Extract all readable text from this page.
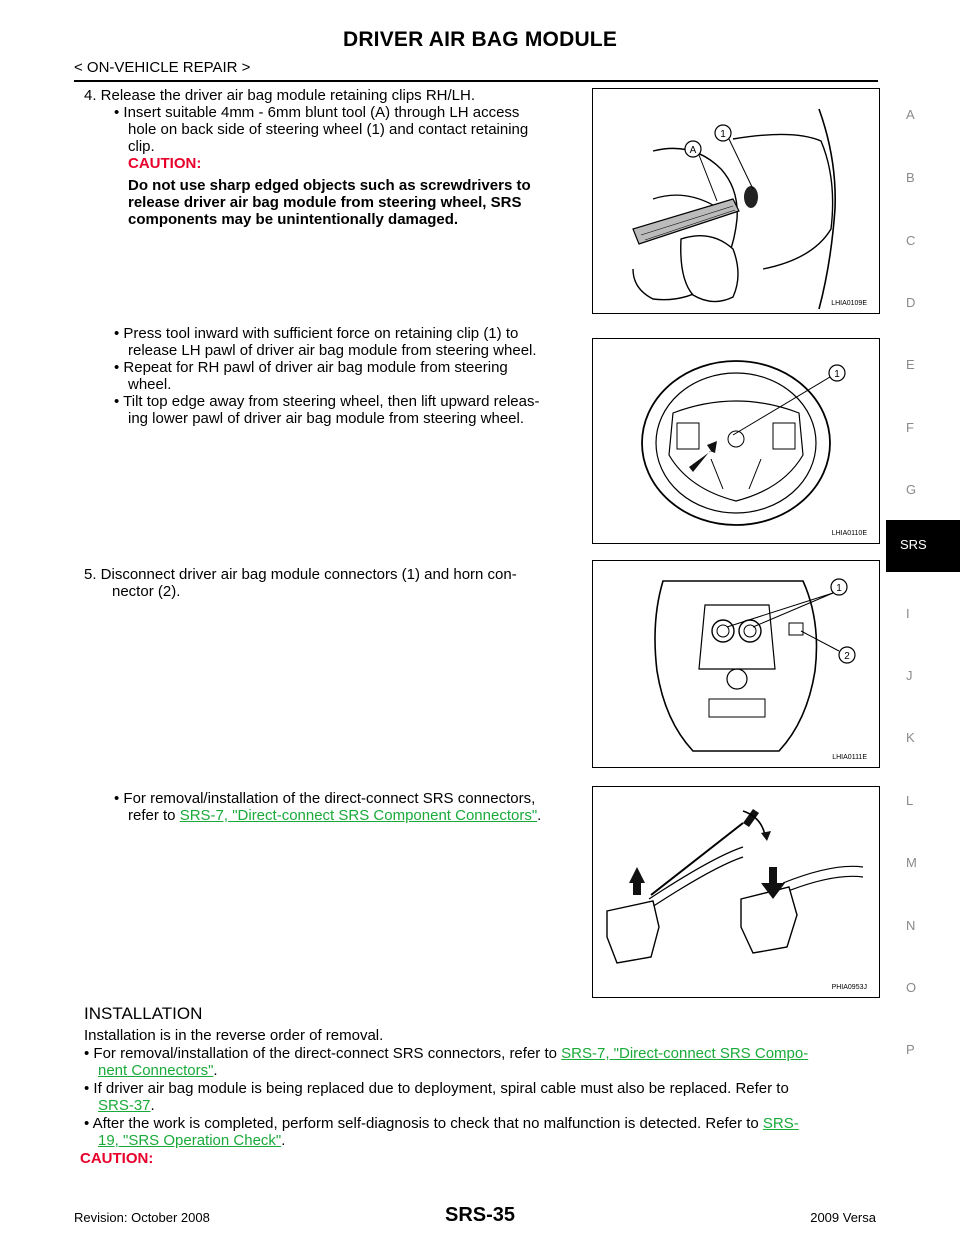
DRIVER AIR BAG MODULE
< ON-VEHICLE REPAIR >
A
B
C
D
E
F
G
SRS
I
J
K
L
M
N
O
P
4. Release the driver air bag module retaining clips RH/LH.
• Insert suitable 4mm - 6mm blunt tool (A) through LH access
hole on back side of steering wheel (1) and contact retaining
clip.
CAUTION:
Do not use sharp edged objects such as screwdrivers to
release driver air bag module from steering wheel, SRS
components may be unintentionally damaged.
• Press tool inward with sufficient force on retaining clip (1) to
release LH pawl of driver air bag module from steering wheel.
• Repeat for RH pawl of driver air bag module from steering
wheel.
• Tilt top edge away from steering wheel, then lift upward releas-
ing lower pawl of driver air bag module from steering wheel.
5. Disconnect driver air bag module connectors (1) and horn con-
nector (2).
• For removal/installation of the direct-connect SRS connectors,
refer to SRS-7, "Direct-connect SRS Component Connectors".
1
A
LHIA0109E
1
LHIA0110E
1
2
LHIA0111E
PHIA0953J
INSTALLATION
Installation is in the reverse order of removal.
• For removal/installation of the direct-connect SRS connectors, refer to SRS-7, "Direct-connect SRS Compo-
nent Connectors".
• If driver air bag module is being replaced due to deployment, spiral cable must also be replaced. Refer to
SRS-37.
• After the work is completed, perform self-diagnosis to check that no malfunction is detected. Refer to SRS-
19, "SRS Operation Check".
CAUTION:
Revision: October 2008	SRS-35	2009 Versa
